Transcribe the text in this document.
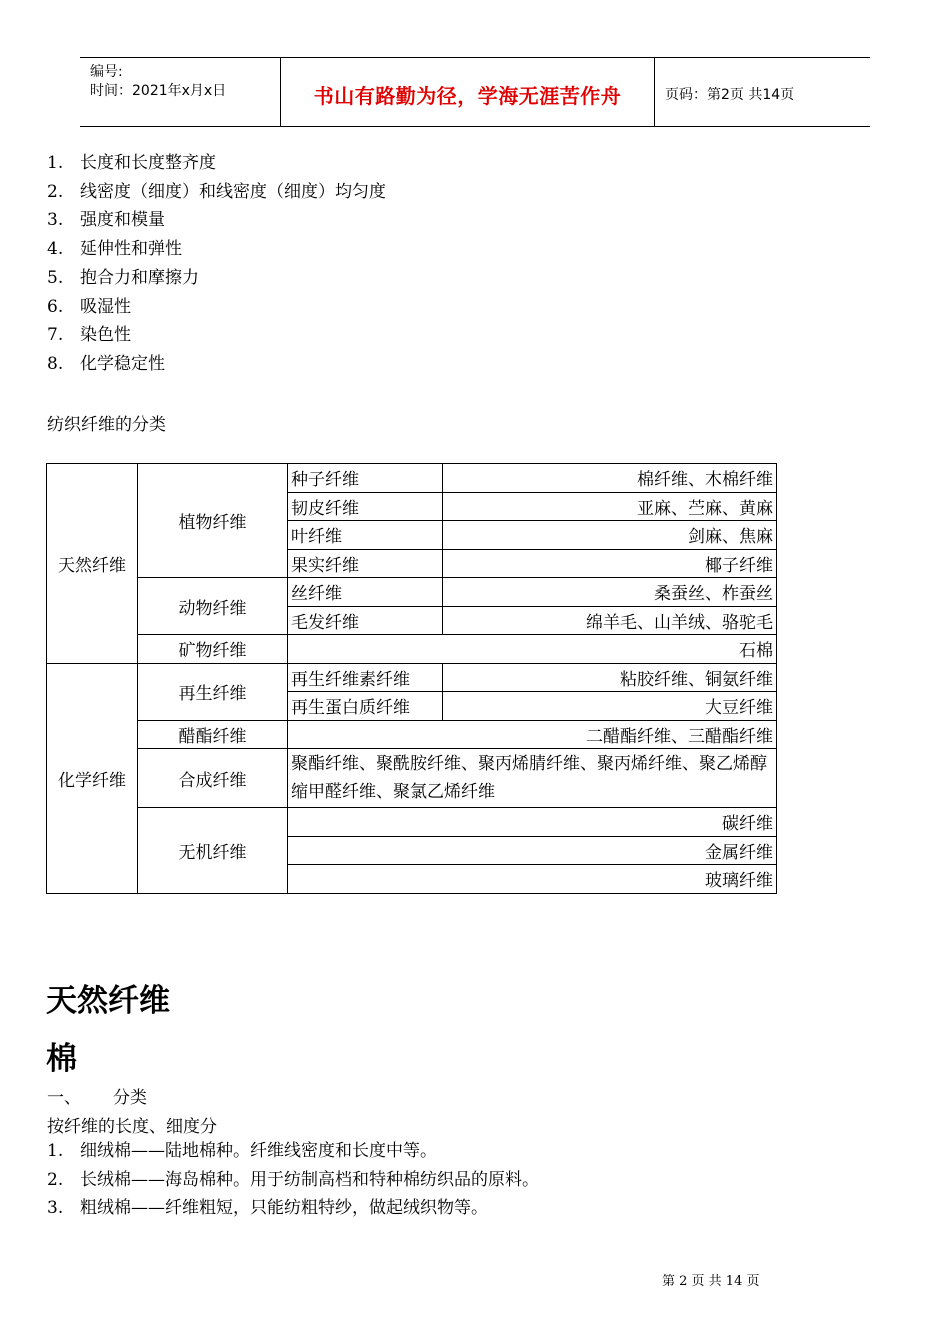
编号:
时间：2021年x月x日	书山有路勤为径，学海无涯苦作舟	页码：第2页 共14页
1. 长度和长度整齐度
2. 线密度（细度）和线密度（细度）均匀度
3. 强度和模量
4. 延伸性和弹性
5. 抱合力和摩擦力
6. 吸湿性
7. 染色性
8. 化学稳定性
纺织纤维的分类
天然纤维	植物纤维	种子纤维	棉纤维、木棉纤维
		韧皮纤维	亚麻、苎麻、黄麻
		叶纤维	剑麻、焦麻
		果实纤维	椰子纤维
	动物纤维	丝纤维	桑蚕丝、柞蚕丝
		毛发纤维	绵羊毛、山羊绒、骆驼毛
	矿物纤维	石棉	
化学纤维	再生纤维	再生纤维素纤维	粘胶纤维、铜氨纤维
		再生蛋白质纤维	大豆纤维
	醋酯纤维	二醋酯纤维、三醋酯纤维	
	合成纤维	聚酯纤维、聚酰胺纤维、聚丙烯腈纤维、聚丙烯纤维、聚乙烯醇缩甲醛纤维、聚氯乙烯纤维	
	无机纤维	碳纤维	
		金属纤维	
		玻璃纤维	
天然纤维
棉
一、 分类
按纤维的长度、细度分
1. 细绒棉——陆地棉种。纤维线密度和长度中等。
2. 长绒棉——海岛棉种。用于纺制高档和特种棉纺织品的原料。
3. 粗绒棉——纤维粗短，只能纺粗特纱，做起绒织物等。
第 2 页 共 14 页
